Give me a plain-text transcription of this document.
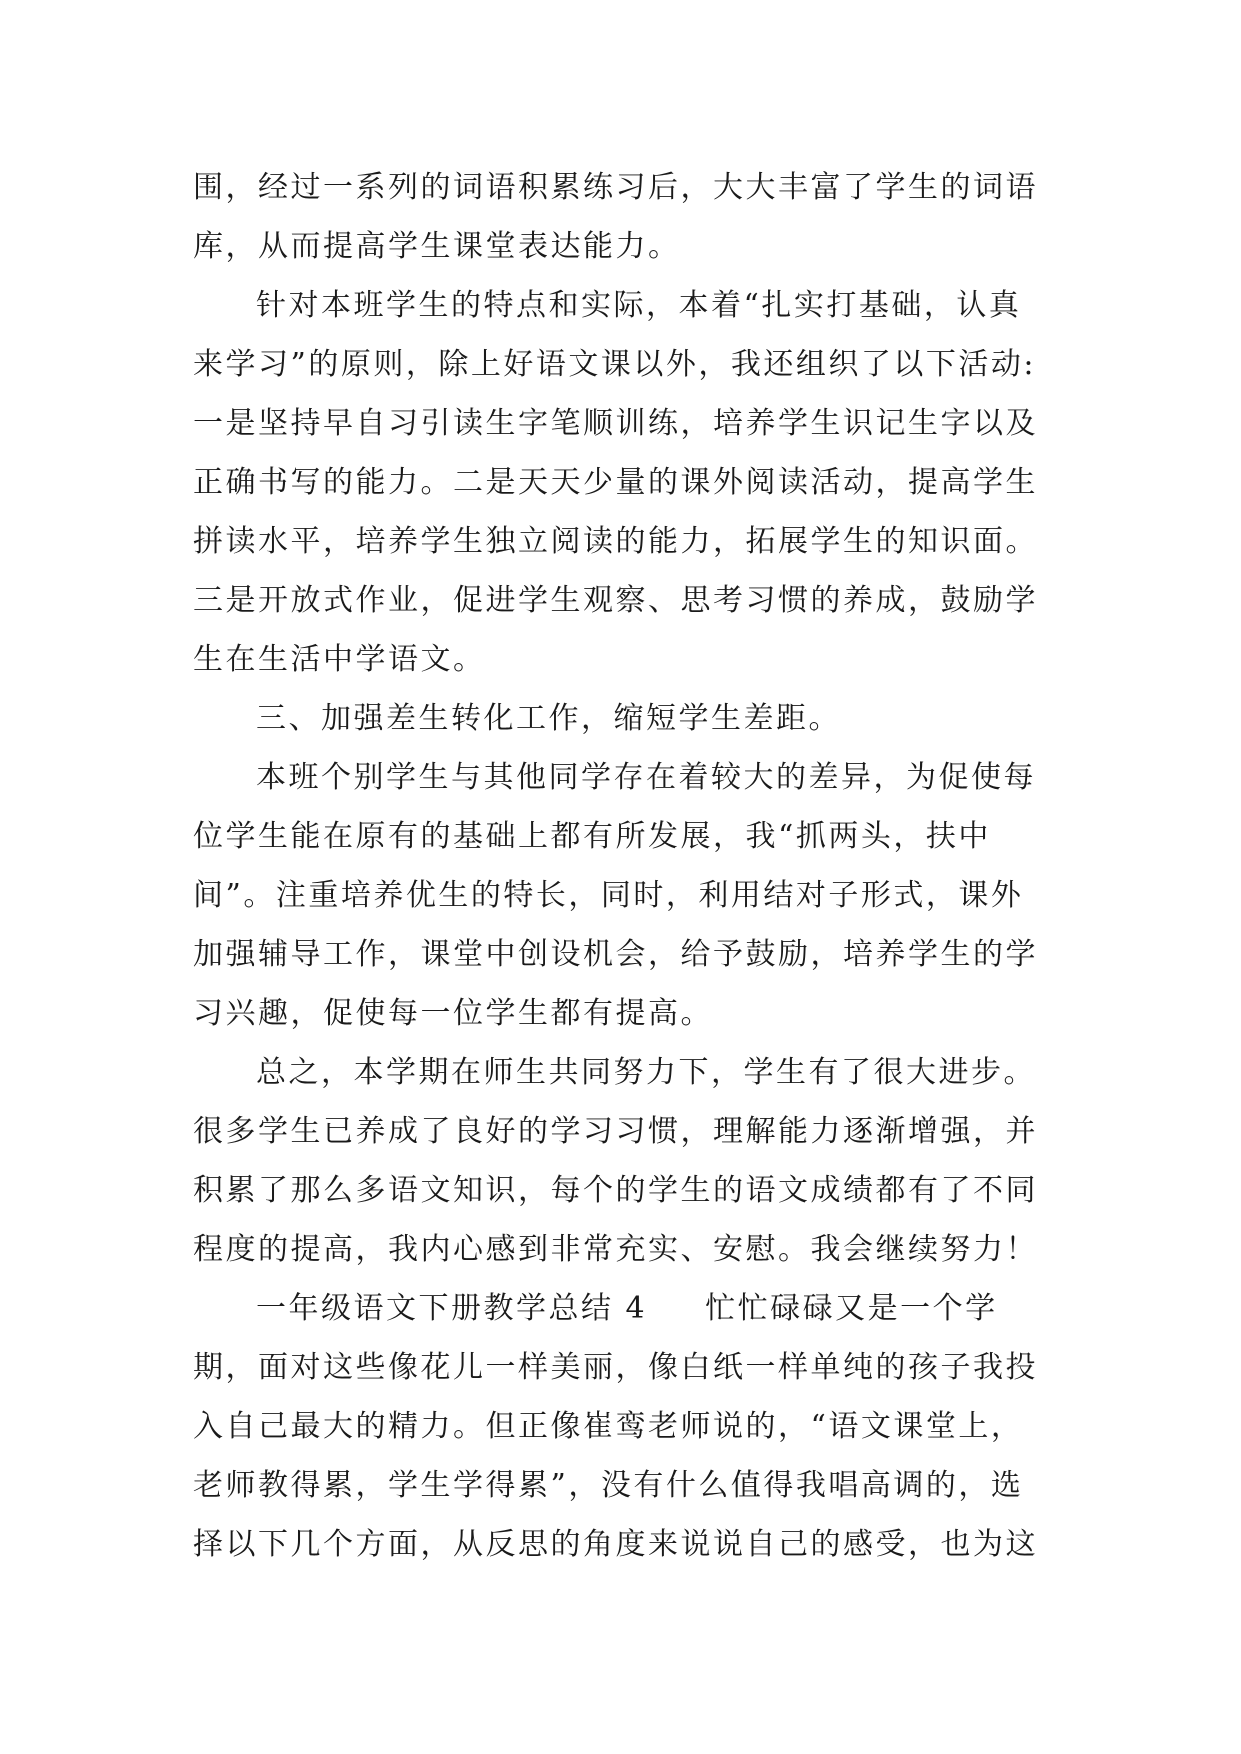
围，经过一系列的词语积累练习后，大大丰富了学生的词语
库，从而提高学生课堂表达能力。
针对本班学生的特点和实际，本着“扎实打基础，认真
来学习”的原则，除上好语文课以外，我还组织了以下活动:
一是坚持早自习引读生字笔顺训练，培养学生识记生字以及
正确书写的能力。二是天天少量的课外阅读活动，提高学生
拼读水平，培养学生独立阅读的能力，拓展学生的知识面。
三是开放式作业，促进学生观察、思考习惯的养成，鼓励学
生在生活中学语文。
三、加强差生转化工作，缩短学生差距。
本班个别学生与其他同学存在着较大的差异，为促使每
位学生能在原有的基础上都有所发展，我“抓两头，扶中
间”。注重培养优生的特长，同时，利用结对子形式，课外
加强辅导工作，课堂中创设机会，给予鼓励，培养学生的学
习兴趣，促使每一位学生都有提高。
总之，本学期在师生共同努力下，学生有了很大进步。
很多学生已养成了良好的学习习惯，理解能力逐渐增强，并
积累了那么多语文知识，每个的学生的语文成绩都有了不同
程度的提高，我内心感到非常充实、安慰。我会继续努力！
一年级语文下册教学总结 4 忙忙碌碌又是一个学
期，面对这些像花儿一样美丽，像白纸一样单纯的孩子我投
入自己最大的精力。但正像崔鸾老师说的，“语文课堂上，
老师教得累，学生学得累”，没有什么值得我唱高调的，选
择以下几个方面，从反思的角度来说说自己的感受，也为这
